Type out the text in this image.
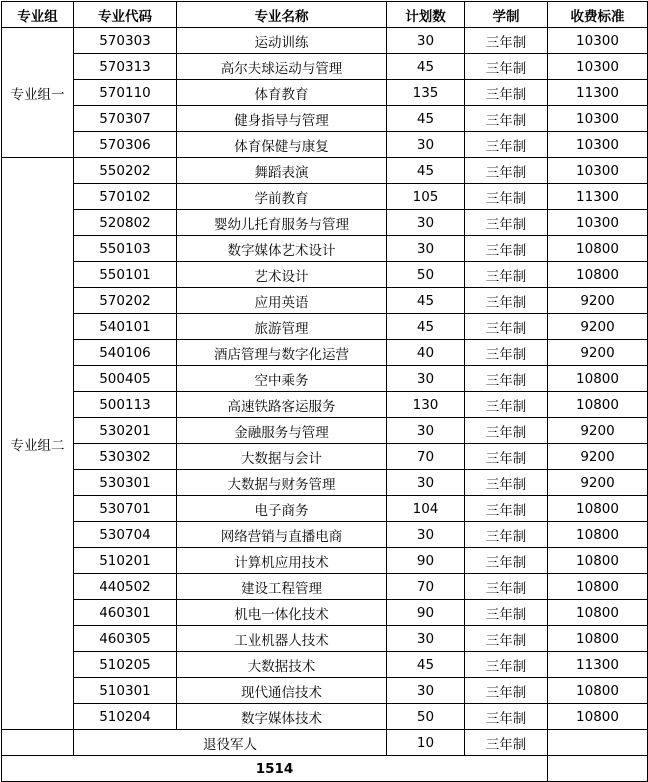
专业组	专业代码	专业名称	计划数	学制	收费标准
专业组一	570303	运动训练	30	三年制	10300
	570313	高尔夫球运动与管理	45	三年制	10300
	570110	体育教育	135	三年制	11300
	570307	健身指导与管理	45	三年制	10300
	570306	体育保健与康复	30	三年制	10300
专业组二	550202	舞蹈表演	45	三年制	10300
	570102	学前教育	105	三年制	11300
	520802	婴幼儿托育服务与管理	30	三年制	10300
	550103	数字媒体艺术设计	30	三年制	10800
	550101	艺术设计	50	三年制	10800
	570202	应用英语	45	三年制	9200
	540101	旅游管理	45	三年制	9200
	540106	酒店管理与数字化运营	40	三年制	9200
	500405	空中乘务	30	三年制	10800
	500113	高速铁路客运服务	130	三年制	10800
	530201	金融服务与管理	30	三年制	9200
	530302	大数据与会计	70	三年制	9200
	530301	大数据与财务管理	30	三年制	9200
	530701	电子商务	104	三年制	10800
	530704	网络营销与直播电商	30	三年制	10800
	510201	计算机应用技术	90	三年制	10800
	440502	建设工程管理	70	三年制	10800
	460301	机电一体化技术	90	三年制	10800
	460305	工业机器人技术	30	三年制	10800
	510205	大数据技术	45	三年制	11300
	510301	现代通信技术	30	三年制	10800
	510204	数字媒体技术	50	三年制	10800
	退役军人		10	三年制	
1514					
